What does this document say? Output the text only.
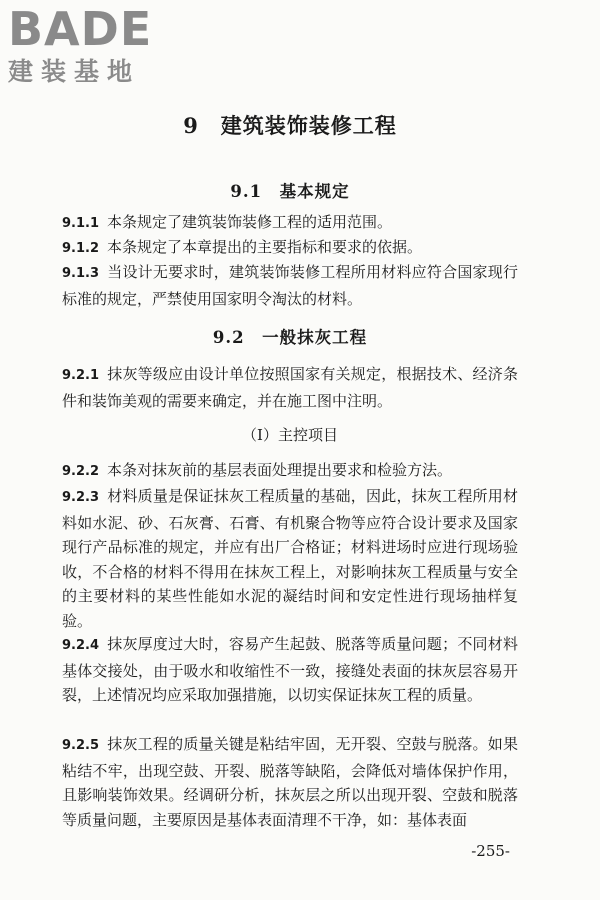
BADE
建装基地
9　建筑装饰装修工程
9.1　基本规定
9.1.1 本条规定了建筑装饰装修工程的适用范围。
9.1.2 本条规定了本章提出的主要指标和要求的依据。
9.1.3 当设计无要求时，建筑装饰装修工程所用材料应符合国家现行标准的规定，严禁使用国家明令淘汰的材料。
9.2　一般抹灰工程
9.2.1 抹灰等级应由设计单位按照国家有关规定，根据技术、经济条件和装饰美观的需要来确定，并在施工图中注明。
（Ⅰ）主控项目
9.2.2 本条对抹灰前的基层表面处理提出要求和检验方法。
9.2.3 材料质量是保证抹灰工程质量的基础，因此，抹灰工程所用材料如水泥、砂、石灰膏、石膏、有机聚合物等应符合设计要求及国家现行产品标准的规定，并应有出厂合格证；材料进场时应进行现场验收，不合格的材料不得用在抹灰工程上，对影响抹灰工程质量与安全的主要材料的某些性能如水泥的凝结时间和安定性进行现场抽样复验。
9.2.4 抹灰厚度过大时，容易产生起鼓、脱落等质量问题；不同材料基体交接处，由于吸水和收缩性不一致，接缝处表面的抹灰层容易开裂，上述情况均应采取加强措施，以切实保证抹灰工程的质量。
9.2.5 抹灰工程的质量关键是粘结牢固，无开裂、空鼓与脱落。如果粘结不牢，出现空鼓、开裂、脱落等缺陷，会降低对墙体保护作用，且影响装饰效果。经调研分析，抹灰层之所以出现开裂、空鼓和脱落等质量问题，主要原因是基体表面清理不干净，如：基体表面
-255-
